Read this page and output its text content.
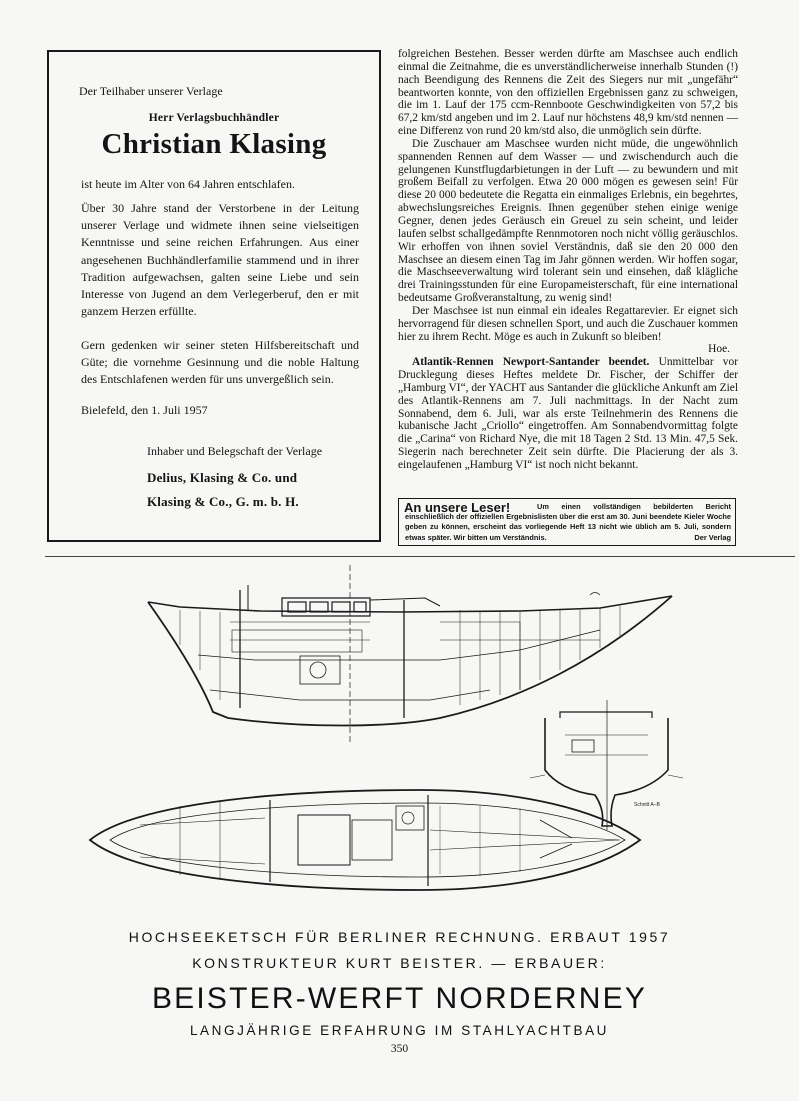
Der Teilhaber unserer Verlage
Herr Verlagsbuchhändler
Christian Klasing
ist heute im Alter von 64 Jahren entschlafen.

Über 30 Jahre stand der Verstorbene in der Leitung unserer Verlage und widmete ihnen seine vielseitigen Kenntnisse und seine reichen Erfahrungen. Aus einer angesehenen Buchhändlerfamilie stammend und in ihrer Tradition aufgewachsen, galten seine Liebe und sein Interesse von Jugend an dem Verlegerberuf, den er mit ganzem Herzen erfüllte.

Gern gedenken wir seiner steten Hilfsbereitschaft und Güte; die vornehme Gesinnung und die noble Haltung des Entschlafenen werden für uns unvergeßlich sein.

Bielefeld, den 1. Juli 1957
Inhaber und Belegschaft der Verlage
Delius, Klasing & Co. und
Klasing & Co., G. m. b. H.

folgreichen Bestehen. Besser werden dürfte am Maschsee auch endlich einmal die Zeitnahme, die es unverständlicherweise innerhalb Stunden (!) nach Beendigung des Rennens die Zeit des Siegers nur mit „ungefähr“ beantworten konnte, von den offiziellen Ergebnissen ganz zu schweigen, die im 1. Lauf der 175 ccm-Rennboote Geschwindigkeiten von 57,2 bis 67,2 km/std angeben und im 2. Lauf nur höchstens 48,9 km/std nennen — eine Differenz von rund 20 km/std also, die unmöglich sein dürfte.

Die Zuschauer am Maschsee wurden nicht müde, die ungewöhnlich spannenden Rennen auf dem Wasser — und zwischendurch auch die gelungenen Kunstflugdarbietungen in der Luft — zu bewundern und mit großem Beifall zu verfolgen. Etwa 20 000 mögen es gewesen sein! Für diese 20 000 bedeutete die Regatta ein einmaliges Erlebnis, ein begehrtes, abwechslungsreiches Ereignis. Ihnen gegenüber stehen einige wenige Gegner, denen jedes Geräusch ein Greuel zu sein scheint, und leider laufen selbst schallgedämpfte Rennmotoren noch nicht völlig geräuschlos. Wir erhoffen von ihnen soviel Verständnis, daß sie den 20 000 den Maschsee an diesem einen Tag im Jahr gönnen werden. Wir hoffen sogar, die Maschseeverwaltung wird tolerant sein und einsehen, daß klägliche drei Trainingsstunden für eine Europameisterschaft, für eine international bedeutsame Großveranstaltung, zu wenig sind!

Der Maschsee ist nun einmal ein ideales Regattarevier. Er eignet sich hervorragend für diesen schnellen Sport, und auch die Zuschauer kommen hier zu ihrem Recht. Möge es auch in Zukunft so bleiben!

Hoe.

Atlantik-Rennen Newport-Santander beendet. Unmittelbar vor Drucklegung dieses Heftes meldete Dr. Fischer, der Schiffer der „Hamburg VI“, der YACHT aus Santander die glückliche Ankunft am Ziel des Atlantik-Rennens am 7. Juli nachmittags. In der Nacht zum Sonnabend, dem 6. Juli, war als erste Teilnehmerin des Rennens die kubanische Jacht „Criollo“ eingetroffen. Am Sonnabendvormittag folgte die „Carina“ von Richard Nye, die mit 18 Tagen 2 Std. 13 Min. 47,5 Sek. Siegerin nach berechneter Zeit sein dürfte. Die Placierung der als 3. eingelaufenen „Hamburg VI“ ist noch nicht bekannt.

An unsere Leser!	Um einen vollständigen bebilderten Bericht einschließlich der offiziellen Ergebnislisten über die erst am 30. Juni beendete Kieler Woche geben zu können, erscheint das vorliegende Heft 13 nicht wie üblich am 5. Juli, sondern etwas später. Wir bitten um Verständnis.	Der Verlag
Schnitt A–B
HOCHSEEKETSCH FÜR BERLINER RECHNUNG. ERBAUT 1957
KONSTRUKTEUR KURT BEISTER. — ERBAUER:
BEISTER-WERFT NORDERNEY
LANGJÄHRIGE ERFAHRUNG IM STAHLYACHTBAU
350
